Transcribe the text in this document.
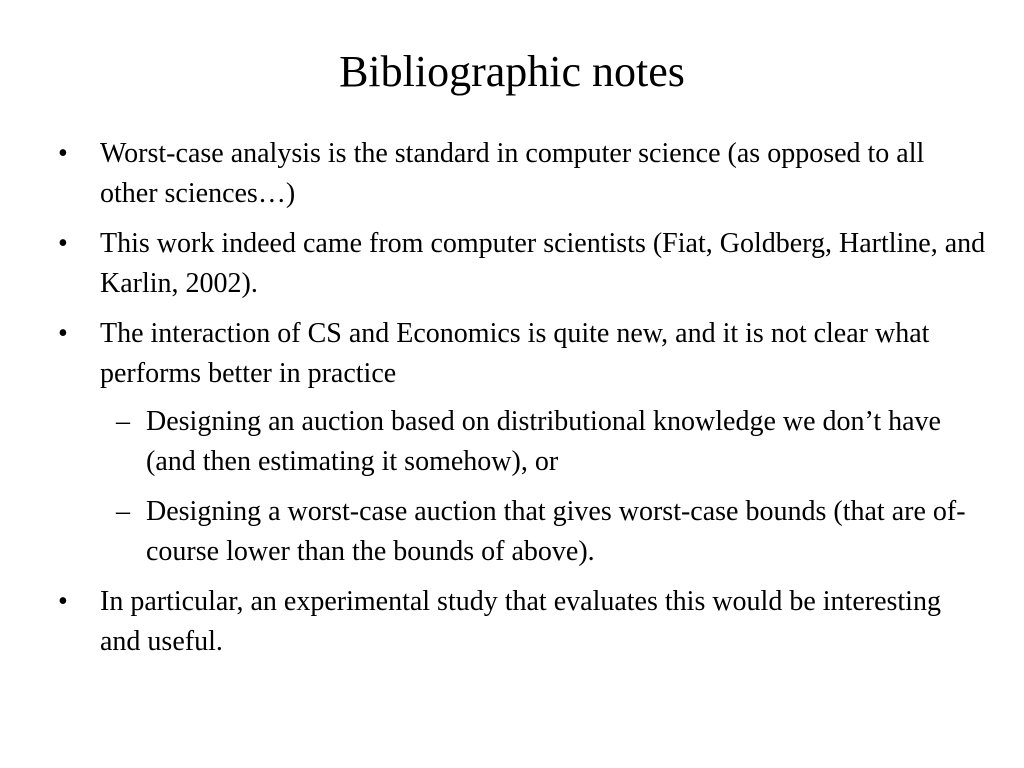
Bibliographic notes
•	Worst-case analysis is the standard in computer science (as opposed to all other sciences…)
•	This work indeed came from computer scientists (Fiat, Goldberg, Hartline, and Karlin, 2002).
•	The interaction of CS and Economics is quite new, and it is not clear what performs better in practice
– Designing an auction based on distributional knowledge we don’t have (and then estimating it somehow), or
– Designing a worst-case auction that gives worst-case bounds (that are of-course lower than the bounds of above).
•	In particular, an experimental study that evaluates this would be interesting and useful.
